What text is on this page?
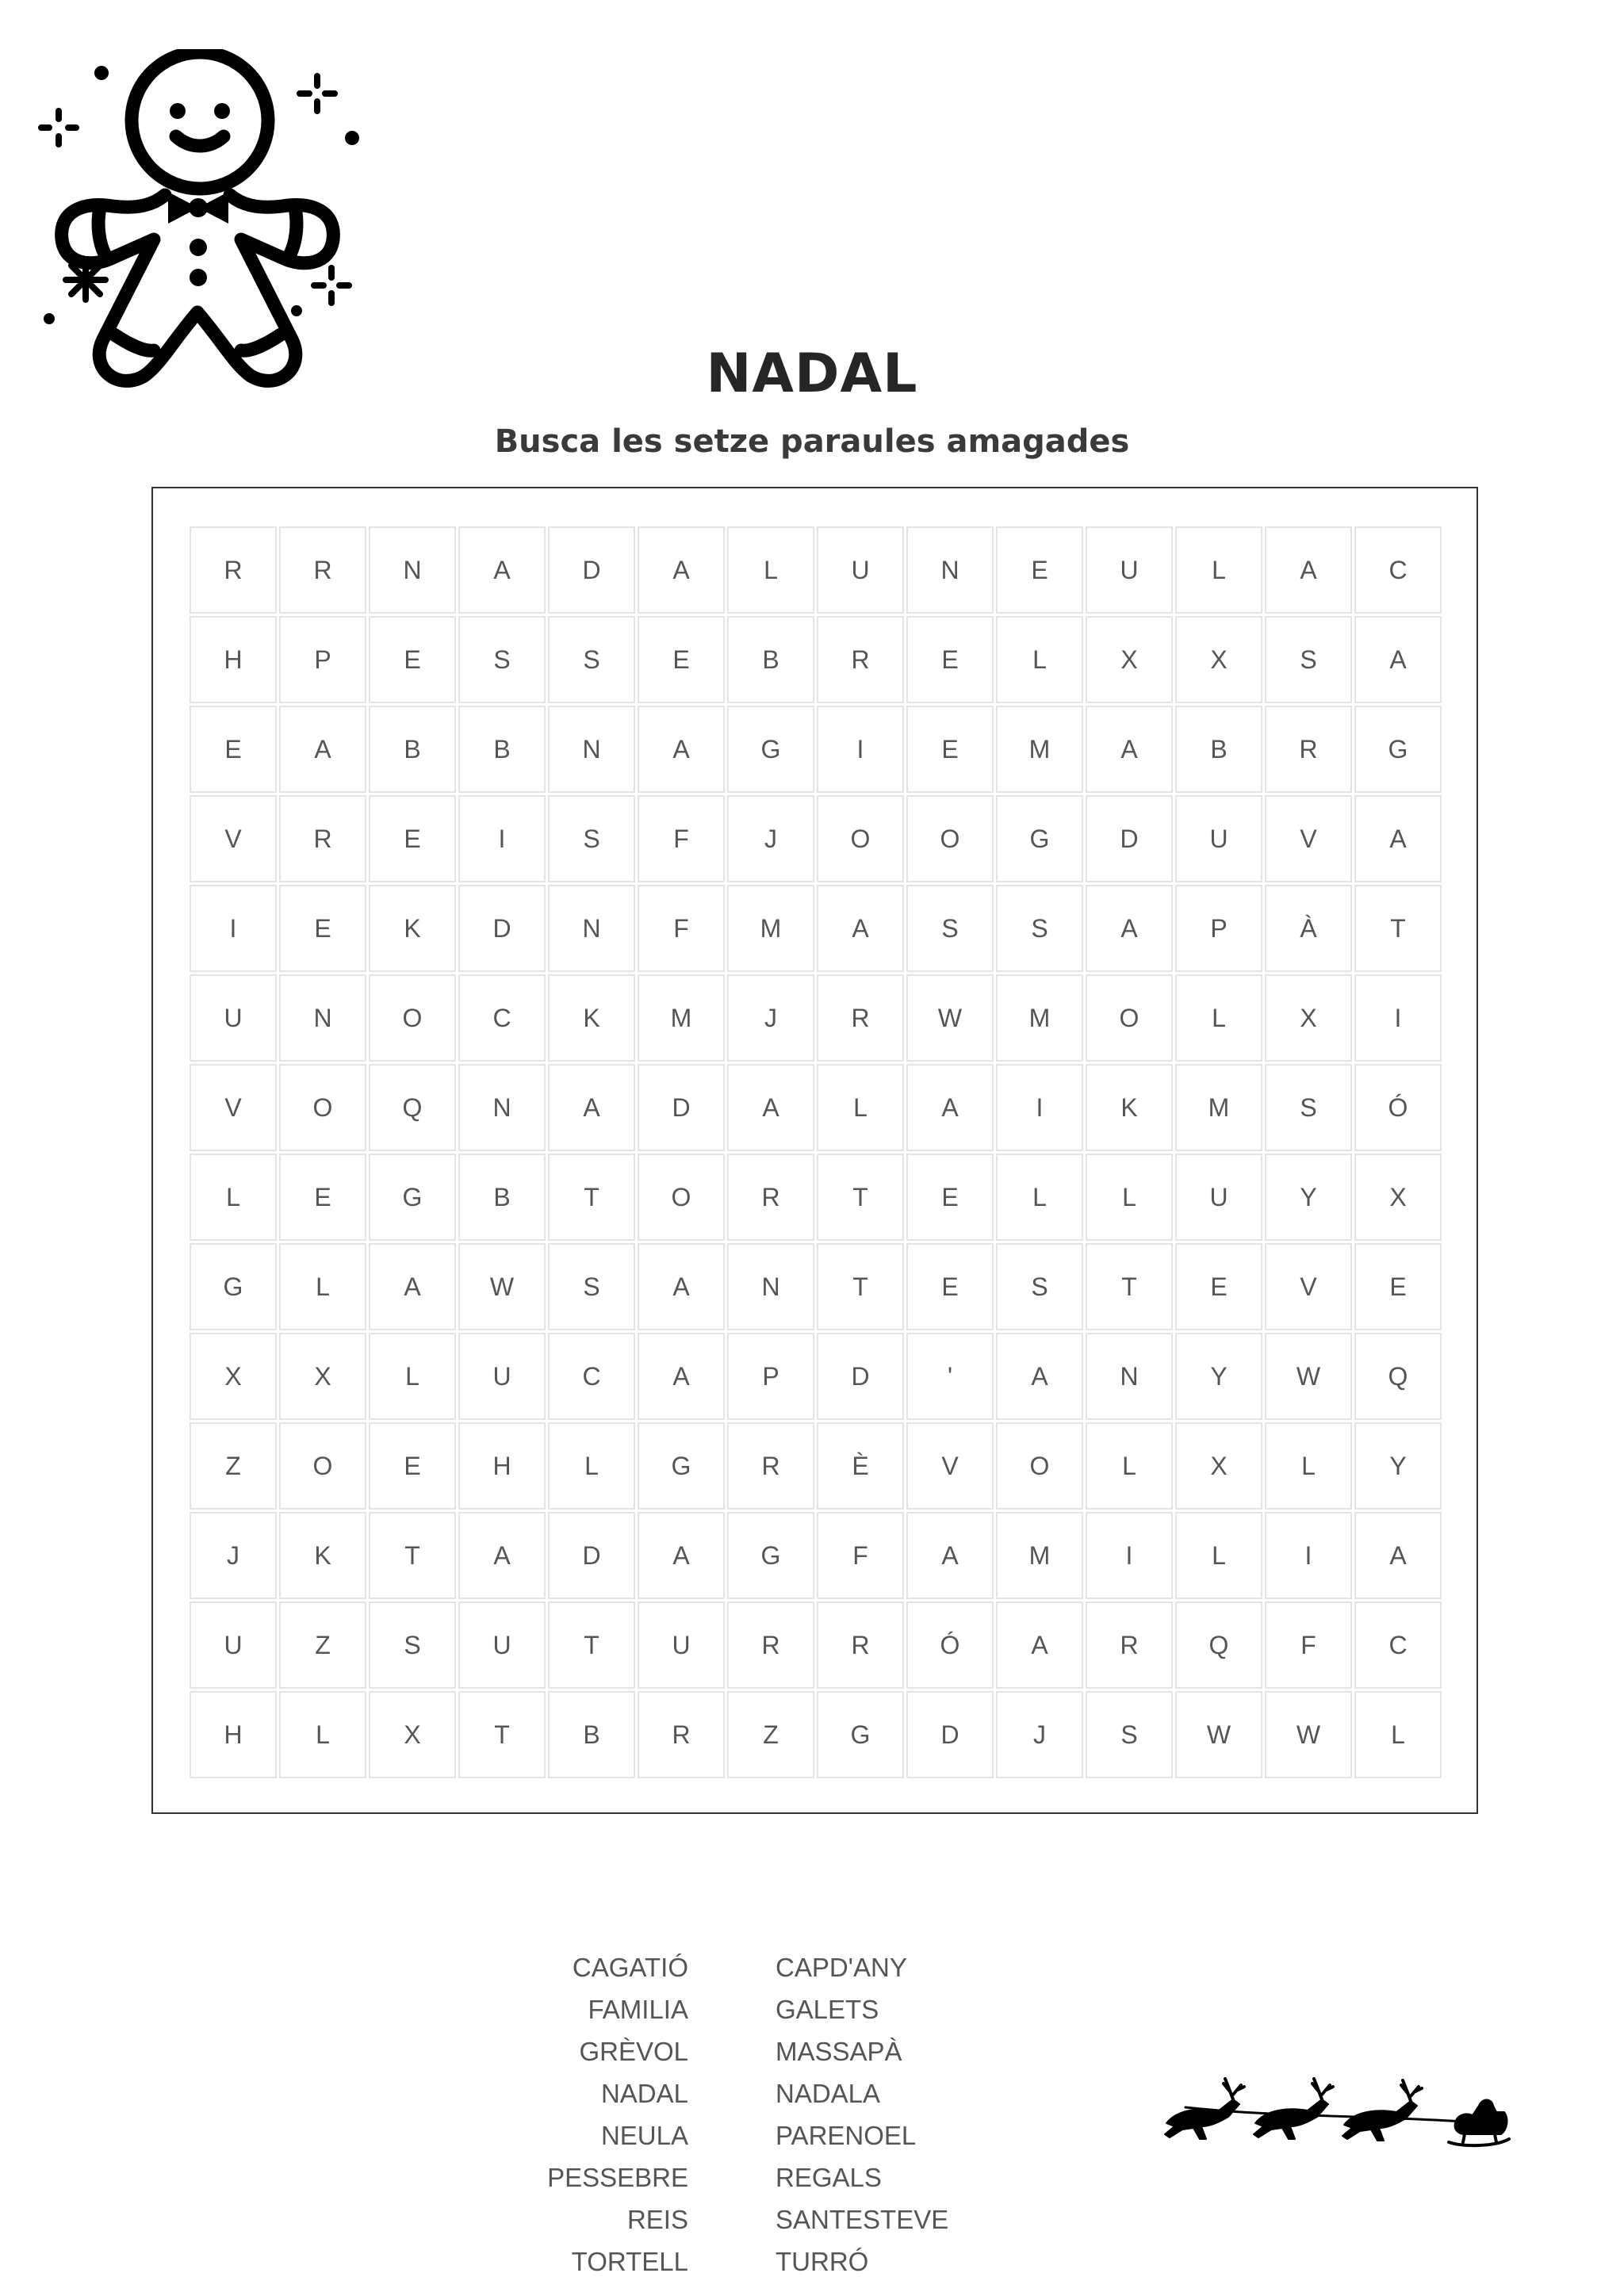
NADAL
Busca les setze paraules amagades
R	R	N	A	D	A	L	U	N	E	U	L	A	C
H	P	E	S	S	E	B	R	E	L	X	X	S	A
E	A	B	B	N	A	G	I	E	M	A	B	R	G
V	R	E	I	S	F	J	O	O	G	D	U	V	A
I	E	K	D	N	F	M	A	S	S	A	P	À	T
U	N	O	C	K	M	J	R	W	M	O	L	X	I
V	O	Q	N	A	D	A	L	A	I	K	M	S	Ó
L	E	G	B	T	O	R	T	E	L	L	U	Y	X
G	L	A	W	S	A	N	T	E	S	T	E	V	E
X	X	L	U	C	A	P	D	'	A	N	Y	W	Q
Z	O	E	H	L	G	R	È	V	O	L	X	L	Y
J	K	T	A	D	A	G	F	A	M	I	L	I	A
U	Z	S	U	T	U	R	R	Ó	A	R	Q	F	C
H	L	X	T	B	R	Z	G	D	J	S	W	W	L
CAGATIÓ
FAMILIA
GRÈVOL
NADAL
NEULA
PESSEBRE
REIS
TORTELL
CAPD'ANY
GALETS
MASSAPÀ
NADALA
PARENOEL
REGALS
SANTESTEVE
TURRÓ
